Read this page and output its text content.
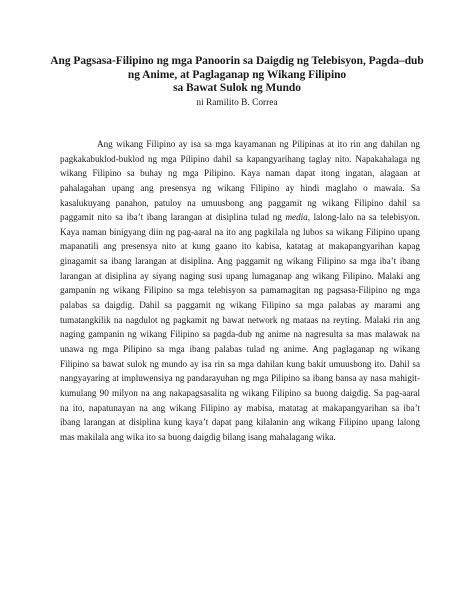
Ang Pagsasa-Filipino ng mga Panoorin sa Daigdig ng Telebisyon, Pagda–dub
ng Anime, at Paglaganap ng Wikang Filipino
sa Bawat Sulok ng Mundo

ni Ramilito B. Correa

Ang wikang Filipino ay isa sa mga kayamanan ng Pilipinas at ito rin ang dahilan ng
pagkakabuklod-buklod ng mga Pilipino dahil sa kapangyarihang taglay nito. Napakahalaga ng
wikang Filipino sa buhay ng mga Pilipino. Kaya naman dapat itong ingatan, alagaan at
pahalagahan upang ang presensya ng wikang Filipino ay hindi maglaho o mawala. Sa
kasalukuyang panahon, patuloy na umuusbong ang paggamit ng wikang Filipino dahil sa
paggamit nito sa iba’t ibang larangan at disiplina tulad ng media, lalong-lalo na sa telebisyon.
Kaya naman binigyang diin ng pag-aaral na ito ang pagkilala ng lubos sa wikang Filipino upang
mapanatili ang presensya nito at kung gaano ito kabisa, katatag at makapangyarihan kapag
ginagamit sa ibang larangan at disiplina. Ang paggamit ng wikang Filipino sa mga iba’t ibang
larangan at disiplina ay siyang naging susi upang lumaganap ang wikang Filipino. Malaki ang
gampanin ng wikang Filipino sa mga telebisyon sa pamamagitan ng pagsasa-Filipino ng mga
palabas sa daigdig. Dahil sa paggamit ng wikang Filipino sa mga palabas ay marami ang
tumatangkilik na nagdulot ng pagkamit ng bawat network ng mataas na reyting. Malaki rin ang
naging gampanin ng wikang Filipino sa pagda-dub ng anime na nagresulta sa mas malawak na
unawa ng mga Pilipino sa mga ibang palabas tulad ng anime. Ang paglaganap ng wikang
Filipino sa bawat sulok ng mundo ay isa rin sa mga dahilan kung bakit umuusbong ito. Dahil sa
nangyayaring at impluwensiya ng pandarayuhan ng mga Pilipino sa ibang bansa ay nasa mahigit-
kumulang 90 milyon na ang nakapagsasalita ng wikang Filipino sa buong daigdig. Sa pag-aaral
na ito, napatunayan na ang wikang Filipino ay mabisa, matatag at makapangyarihan sa iba’t
ibang larangan at disiplina kung kaya’t dapat pang kilalanin ang wikang Filipino upang lalong
mas makilala ang wika ito sa buong daigdig bilang isang mahalagang wika.
